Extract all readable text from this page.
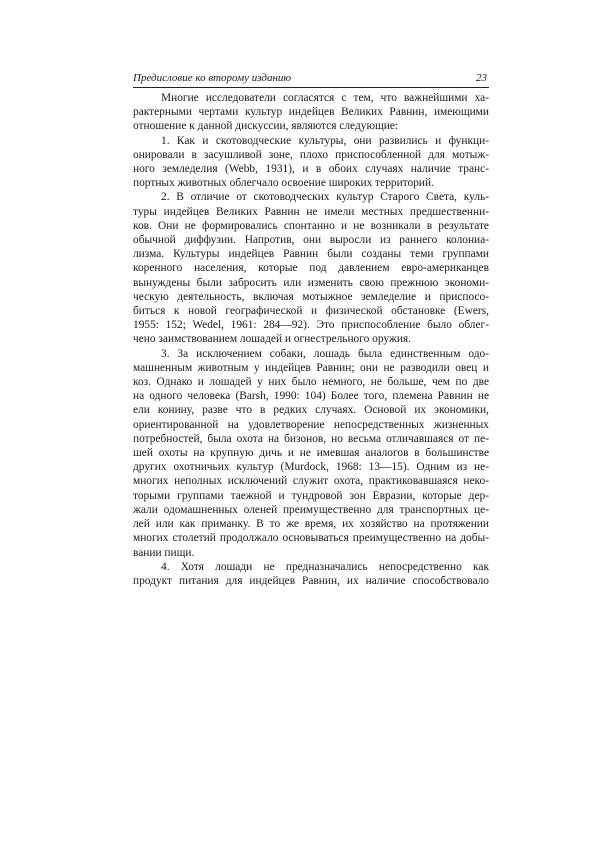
Предисловие ко второму изданию	23
Многие исследователи согласятся с тем, что важнейшими ха-
рактерными чертами культур индейцев Великих Равнин, имеющими
отношение к данной дискуссии, являются следующие:
1. Как и скотоводческие культуры, они развились и функци-
онировали в засушливой зоне, плохо приспособленной для мотыж-
ного земледелия (Webb, 1931), и в обоих случаях наличие транс-
портных животных облегчало освоение широких территорий.
2. В отличие от скотоводческих культур Старого Света, куль-
туры индейцев Великих Равнин не имели местных предшественни-
ков. Они не формировались спонтанно и не возникали в результате
обычной диффузии. Напротив, они выросли из раннего колониа-
лизма. Культуры индейцев Равнин были созданы теми группами
коренного населения, которые под давлением евро-американцев
вынуждены были забросить или изменить свою прежнюю экономи-
ческую деятельность, включая мотыжное земледелие и приспосо-
биться к новой географической и физической обстановке (Ewers,
1955: 152; Wedel, 1961: 284—92). Это приспособление было облег-
чено заимствованием лошадей и огнестрельного оружия.
3. За исключением собаки, лошадь была единственным одо-
машненным животным у индейцев Равнин; они не разводили овец и
коз. Однако и лошадей у них было немного, не больше, чем по две
на одного человека (Barsh, 1990: 104) Более того, племена Равнин не
ели конину, разве что в редких случаях. Основой их экономики,
ориентированной на удовлетворение непосредственных жизненных
потребностей, была охота на бизонов, но весьма отличавшаяся от пе-
шей охоты на крупную дичь и не имевшая аналогов в большинстве
других охотничьих культур (Murdock, 1968: 13—15). Одним из не-
многих неполных исключений служит охота, практиковавшаяся неко-
торыми группами таежной и тундровой зон Евразии, которые дер-
жали одомашненных оленей преимущественно для транспортных це-
лей или как приманку. В то же время, их хозяйство на протяжении
многих столетий продолжало основываться преимущественно на добы-
вании пищи.
4. Хотя лошади не предназначались непосредственно как
продукт питания для индейцев Равнин, их наличие способствовало
